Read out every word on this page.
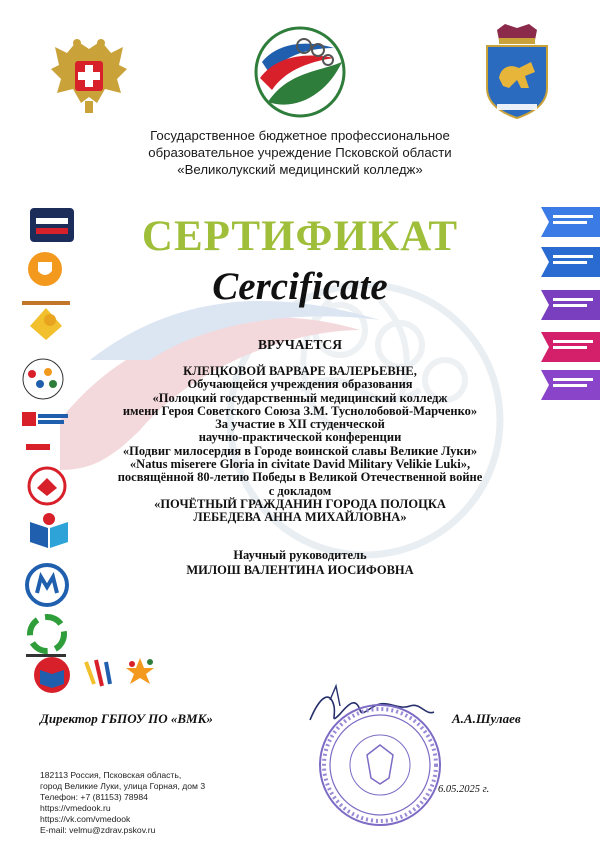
Государственное бюджетное профессиональное
образовательное учреждение Псковской области
«Великолукский медицинский колледж»
СЕРТИФИКАТ
Cercificate
ВРУЧАЕТСЯ
КЛЕЦКОВОЙ ВАРВАРЕ ВАЛЕРЬЕВНЕ,
Обучающейся учреждения образования
«Полоцкий государственный медицинский колледж
имени Героя Советского Союза З.М. Туснолобовой-Марченко»
За участие в XII студенческой
научно-практической конференции
«Подвиг милосердия в Городе воинской славы Великие Луки»
«Natus miserere Gloria in civitate David Military Velikie Luki»,
посвящённой 80-летию Победы в Великой Отечественной войне
с докладом
«ПОЧЁТНЫЙ ГРАЖДАНИН ГОРОДА ПОЛОЦКА
ЛЕБЕДЕВА АННА МИХАЙЛОВНА»
Научный руководитель
МИЛОШ ВАЛЕНТИНА ИОСИФОВНА
Директор ГБПОУ ПО «ВМК»	А.А.Шулаев
6.05.2025 г.
182113 Россия, Псковская область,
город Великие Луки, улица Горная, дом 3
Телефон: +7 (81153) 78984
https://vmedook.ru
https://vk.com/vmedook
E-mail: velmu@zdrav.pskov.ru
